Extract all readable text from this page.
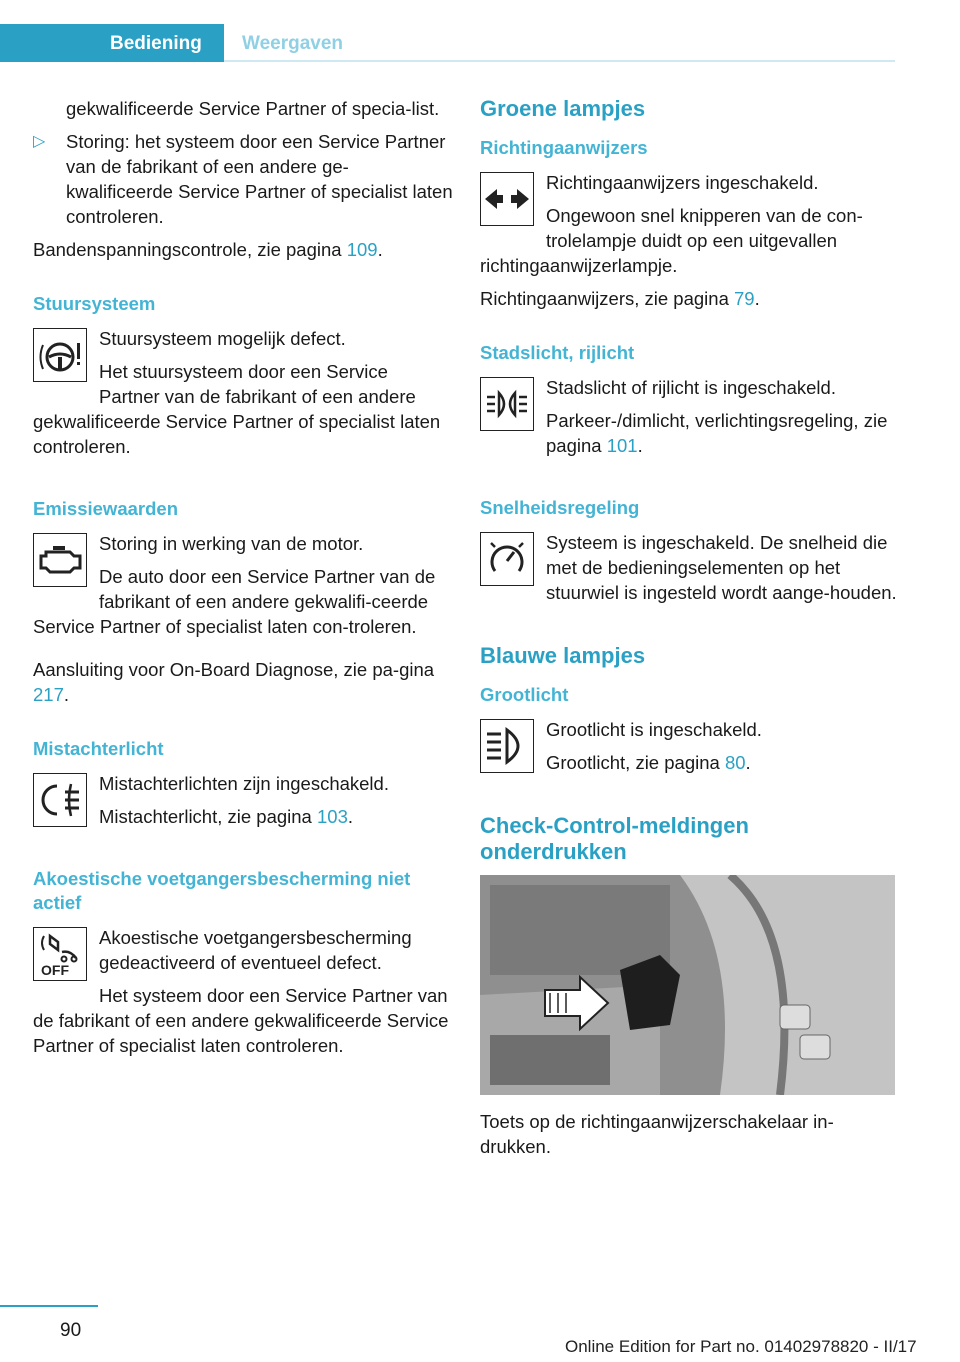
Bediening Weergaven

gekwalificeerde Service Partner of specia-list.

▷ Storing: het systeem door een Service Partner van de fabrikant of een andere ge-kwalificeerde Service Partner of specialist laten controleren.

Bandenspanningscontrole, zie pagina 109.

Stuursysteem

Stuursysteem mogelijk defect.

Het stuursysteem door een Service Partner van de fabrikant of een andere gekwalificeerde Service Partner of specialist laten controleren.

Emissiewaarden

Storing in werking van de motor.

De auto door een Service Partner van de fabrikant of een andere gekwalifi-ceerde Service Partner of specialist laten con-troleren.

Aansluiting voor On-Board Diagnose, zie pa-gina 217.

Mistachterlicht

Mistachterlichten zijn ingeschakeld.

Mistachterlicht, zie pagina 103.

Akoestische voetgangersbescherming niet actief
OFF

Akoestische voetgangersbescherming gedeactiveerd of eventueel defect.

Het systeem door een Service Partner van de fabrikant of een andere gekwalificeerde Service Partner of specialist laten controleren.

Groene lampjes
Richtingaanwijzers

Richtingaanwijzers ingeschakeld.

Ongewoon snel knipperen van de con-trolelampje duidt op een uitgevallen richtingaanwijzerlampje.

Richtingaanwijzers, zie pagina 79.

Stadslicht, rijlicht

Stadslicht of rijlicht is ingeschakeld.

Parkeer-/dimlicht, verlichtingsregeling, zie pagina 101.

Snelheidsregeling

Systeem is ingeschakeld. De snelheid die met de bedieningselementen op het stuurwiel is ingesteld wordt aange-houden.

Blauwe lampjes
Grootlicht

Grootlicht is ingeschakeld.

Grootlicht, zie pagina 80.

Check-Control-meldingen onderdrukken

Toets op de richtingaanwijzerschakelaar in-drukken.

90
Online Edition for Part no. 01402978820 - II/17
